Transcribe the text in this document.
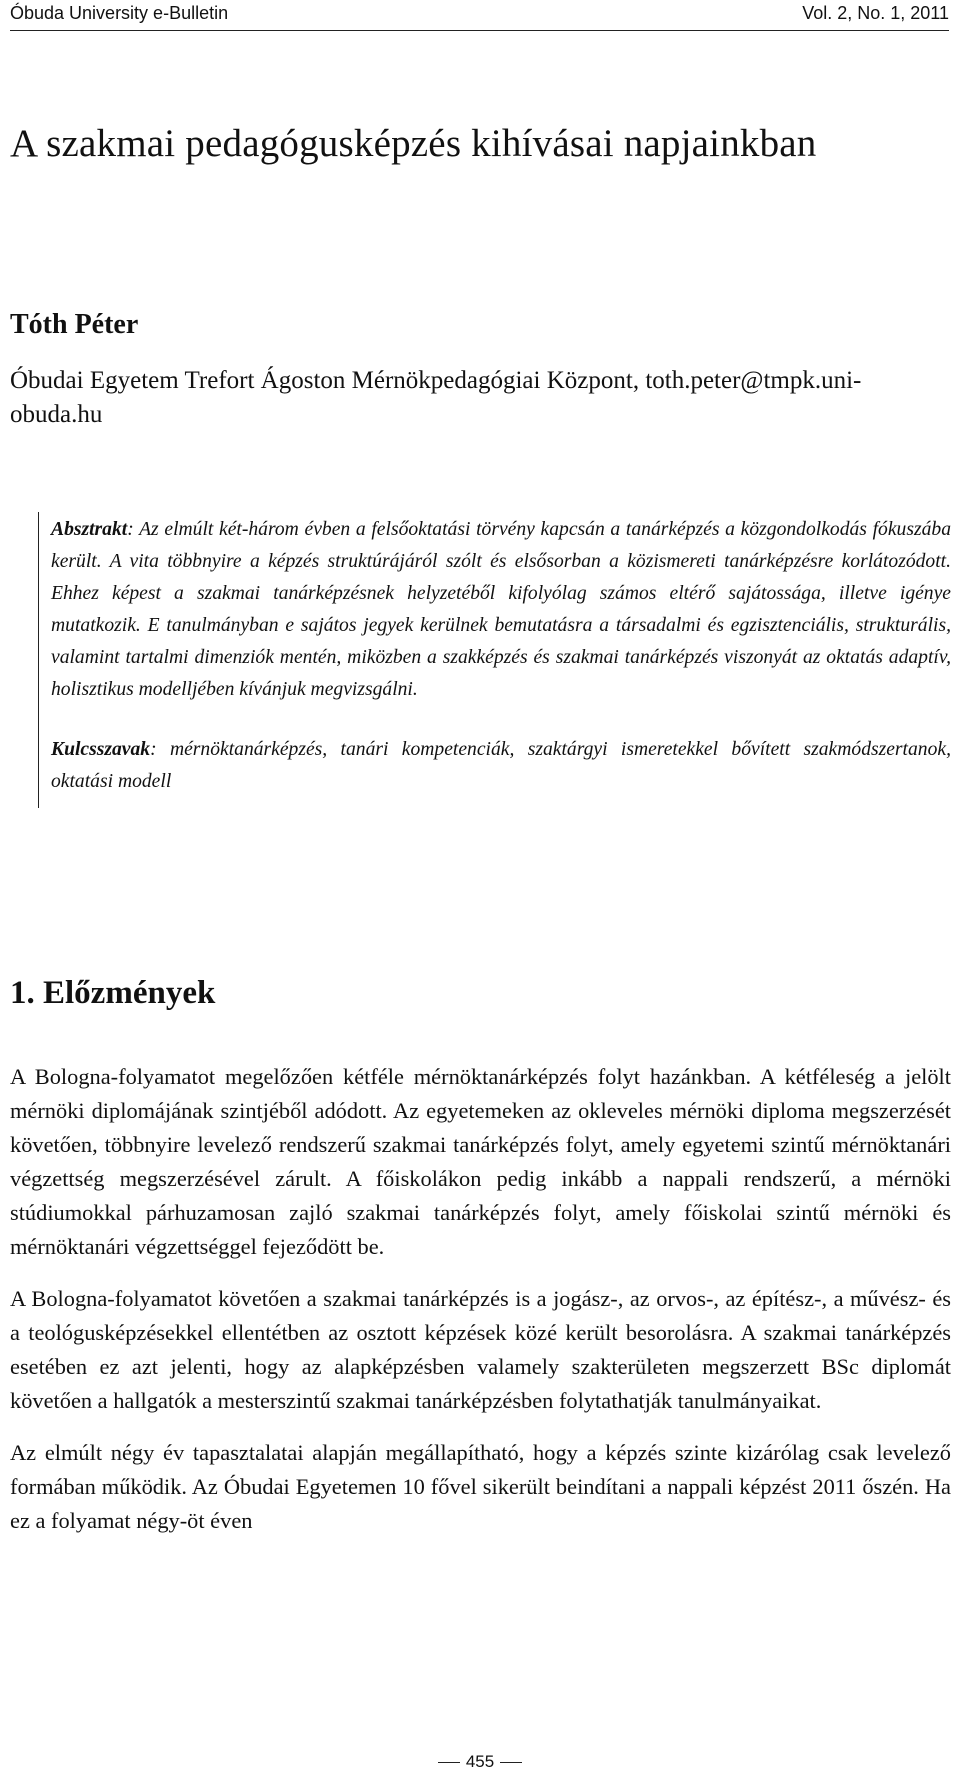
Óbuda University e-Bulletin	Vol. 2, No. 1, 2011
A szakmai pedagógusképzés kihívásai napjainkban
Tóth Péter
Óbudai Egyetem Trefort Ágoston Mérnökpedagógiai Központ, toth.peter@tmpk.uni-obuda.hu

Absztrakt: Az elmúlt két-három évben a felsőoktatási törvény kapcsán a tanárképzés a közgondolkodás fókuszába került. A vita többnyire a képzés struktúrájáról szólt és elsősorban a közismereti tanárképzésre korlátozódott. Ehhez képest a szakmai tanárképzésnek helyzetéből kifolyólag számos eltérő sajátossága, illetve igénye mutatkozik. E tanulmányban e sajátos jegyek kerülnek bemutatásra a társadalmi és egzisztenciális, strukturális, valamint tartalmi dimenziók mentén, miközben a szakképzés és szakmai tanárképzés viszonyát az oktatás adaptív, holisztikus modelljében kívánjuk megvizsgálni.

Kulcsszavak: mérnöktanárképzés, tanári kompetenciák, szaktárgyi ismeretekkel bővített szakmódszertanok, oktatási modell

1. Előzmények

A Bologna-folyamatot megelőzően kétféle mérnöktanárképzés folyt hazánkban. A kétféleség a jelölt mérnöki diplomájának szintjéből adódott. Az egyetemeken az okleveles mérnöki diploma megszerzését követően, többnyire levelező rendszerű szakmai tanárképzés folyt, amely egyetemi szintű mérnöktanári végzettség megszerzésével zárult. A főiskolákon pedig inkább a nappali rendszerű, a mérnöki stúdiumokkal párhuzamosan zajló szakmai tanárképzés folyt, amely főiskolai szintű mérnöki és mérnöktanári végzettséggel fejeződött be.

A Bologna-folyamatot követően a szakmai tanárképzés is a jogász-, az orvos-, az építész-, a művész- és a teológusképzésekkel ellentétben az osztott képzések közé került besorolásra. A szakmai tanárképzés esetében ez azt jelenti, hogy az alapképzésben valamely szakterületen megszerzett BSc diplomát követően a hallgatók a mesterszintű szakmai tanárképzésben folytathatják tanulmányaikat.

Az elmúlt négy év tapasztalatai alapján megállapítható, hogy a képzés szinte kizárólag csak levelező formában működik. Az Óbudai Egyetemen 10 fővel sikerült beindítani a nappali képzést 2011 őszén. Ha ez a folyamat négy-öt éven

455
